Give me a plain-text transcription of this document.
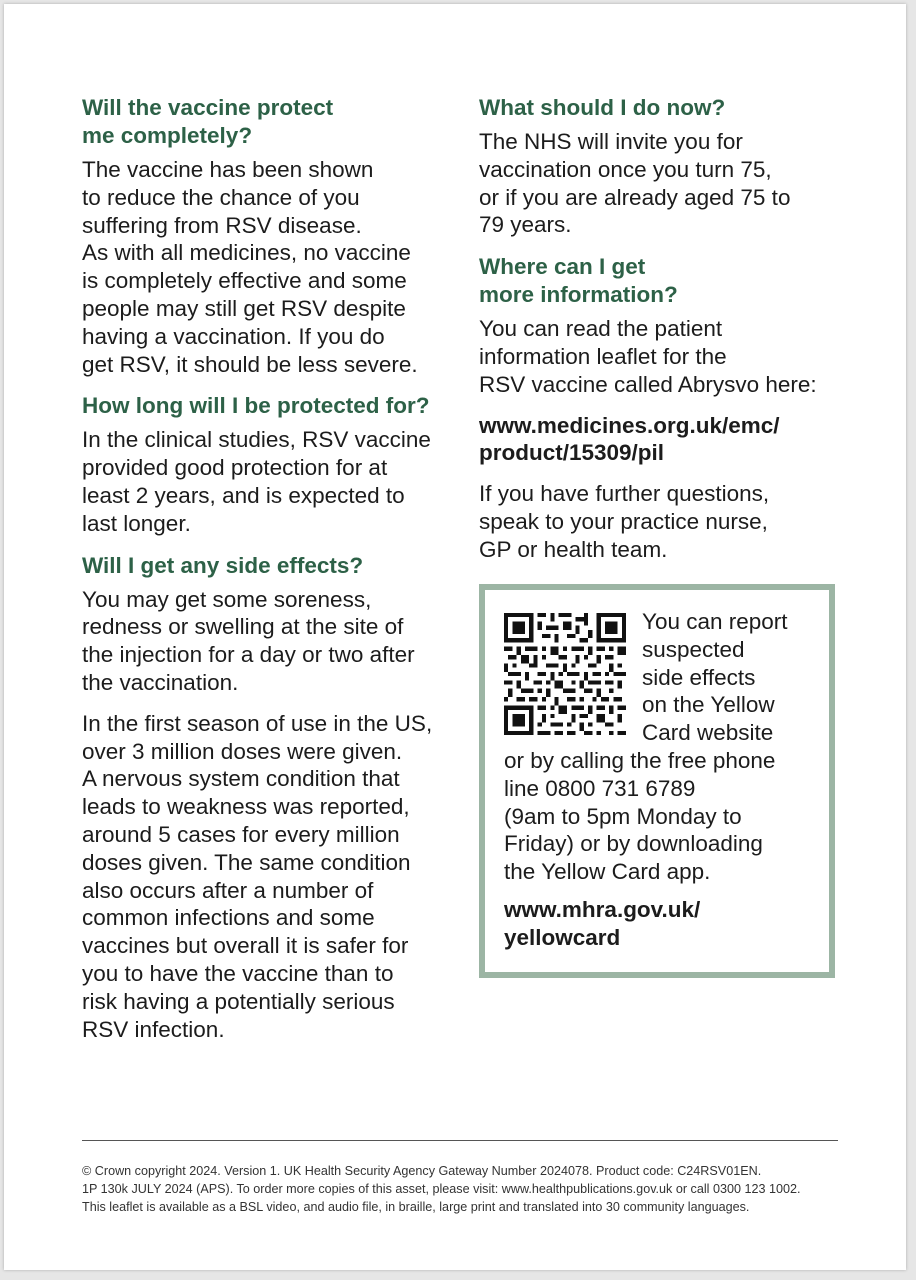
Will the vaccine protect
me completely?

The vaccine has been shown
to reduce the chance of you
suffering from RSV disease.
As with all medicines, no vaccine
is completely effective and some
people may still get RSV despite
having a vaccination. If you do
get RSV, it should be less severe.

How long will I be protected for?

In the clinical studies, RSV vaccine
provided good protection for at
least 2 years, and is expected to
last longer.

Will I get any side effects?

You may get some soreness,
redness or swelling at the site of
the injection for a day or two after
the vaccination.

In the first season of use in the US,
over 3 million doses were given.
A nervous system condition that
leads to weakness was reported,
around 5 cases for every million
doses given. The same condition
also occurs after a number of
common infections and some
vaccines but overall it is safer for
you to have the vaccine than to
risk having a potentially serious
RSV infection.

What should I do now?

The NHS will invite you for
vaccination once you turn 75,
or if you are already aged 75 to
79 years.

Where can I get
more information?

You can read the patient
information leaflet for the
RSV vaccine called Abrysvo here:

www.medicines.org.uk/emc/
product/15309/pil

If you have further questions,
speak to your practice nurse,
GP or health team.

You can report
suspected
side effects
on the Yellow
Card website
or by calling the free phone
line 0800 731 6789
(9am to 5pm Monday to
Friday) or by downloading
the Yellow Card app.
www.mhra.gov.uk/
yellowcard
© Crown copyright 2024. Version 1. UK Health Security Agency Gateway Number 2024078. Product code: C24RSV01EN.
1P 130k JULY 2024 (APS). To order more copies of this asset, please visit: www.healthpublications.gov.uk or call 0300 123 1002.
This leaflet is available as a BSL video, and audio file, in braille, large print and translated into 30 community languages.
